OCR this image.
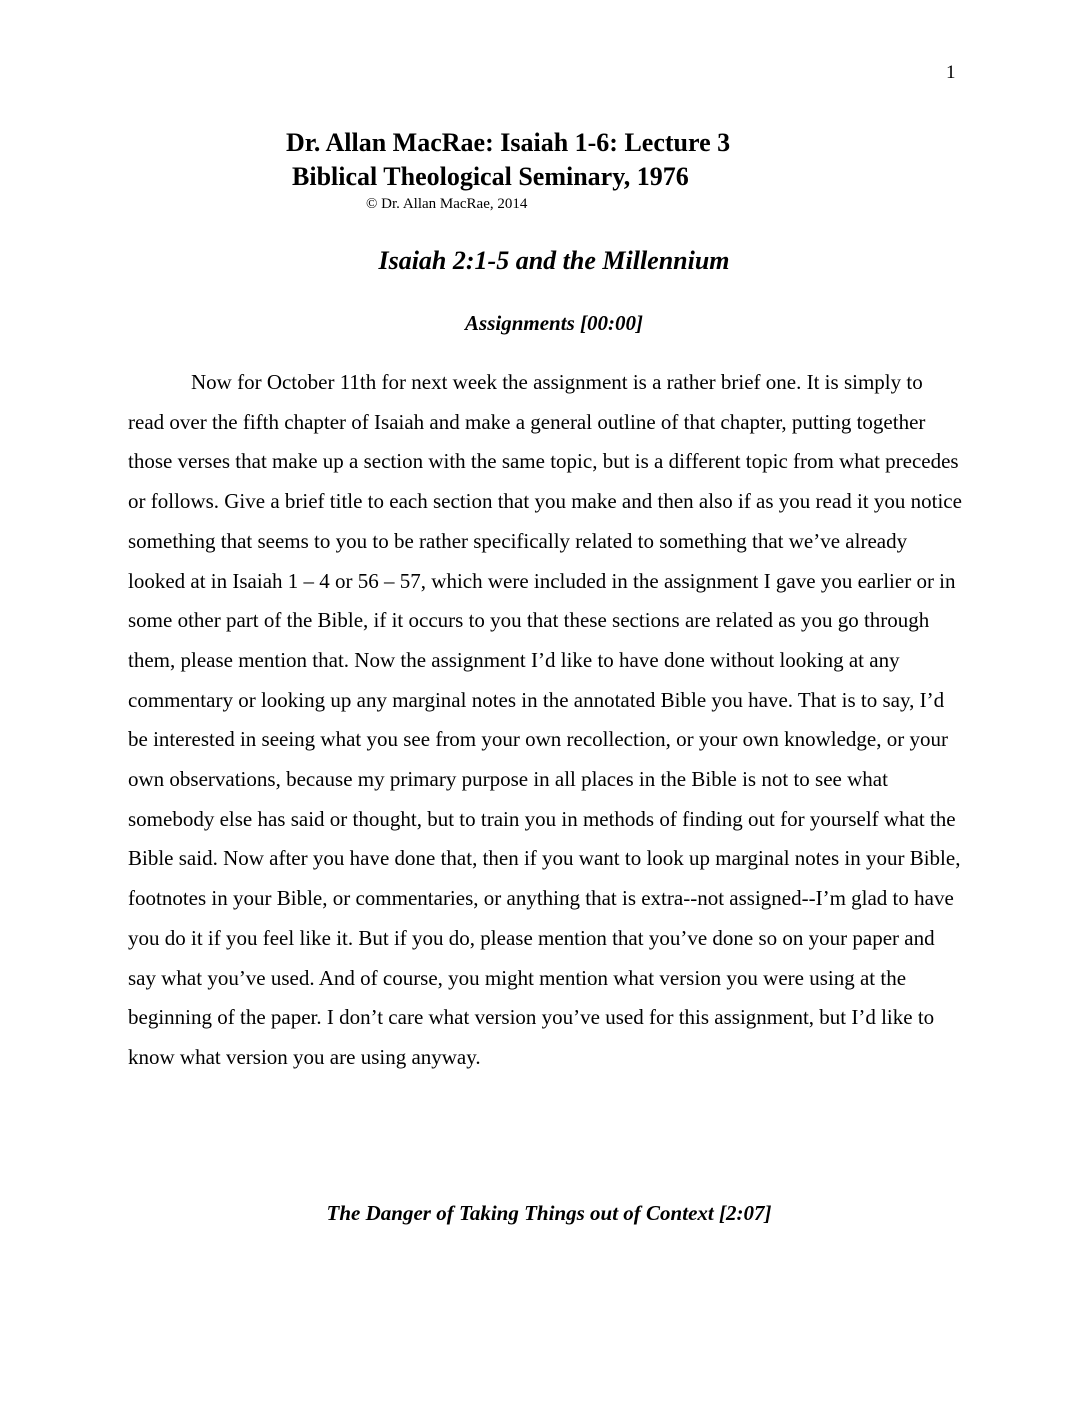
1
Dr. Allan MacRae: Isaiah 1-6: Lecture 3
Biblical Theological Seminary, 1976
© Dr. Allan MacRae, 2014
Isaiah 2:1-5 and the Millennium
Assignments [00:00]

Now for October 11th for next week the assignment is a rather brief one. It is simply to read over the fifth chapter of Isaiah and make a general outline of that chapter, putting together those verses that make up a section with the same topic, but is a different topic from what precedes or follows. Give a brief title to each section that you make and then also if as you read it you notice something that seems to you to be rather specifically related to something that we’ve already looked at in Isaiah 1 – 4 or 56 – 57, which were included in the assignment I gave you earlier or in some other part of the Bible, if it occurs to you that these sections are related as you go through them, please mention that. Now the assignment I’d like to have done without looking at any commentary or looking up any marginal notes in the annotated Bible you have. That is to say, I’d be interested in seeing what you see from your own recollection, or your own knowledge, or your own observations, because my primary purpose in all places in the Bible is not to see what somebody else has said or thought, but to train you in methods of finding out for yourself what the Bible said. Now after you have done that, then if you want to look up marginal notes in your Bible, footnotes in your Bible, or commentaries, or anything that is extra--not assigned--I’m glad to have you do it if you feel like it. But if you do, please mention that you’ve done so on your paper and say what you’ve used. And of course, you might mention what version you were using at the beginning of the paper. I don’t care what version you’ve used for this assignment, but I’d like to know what version you are using anyway.

The Danger of Taking Things out of Context [2:07]
